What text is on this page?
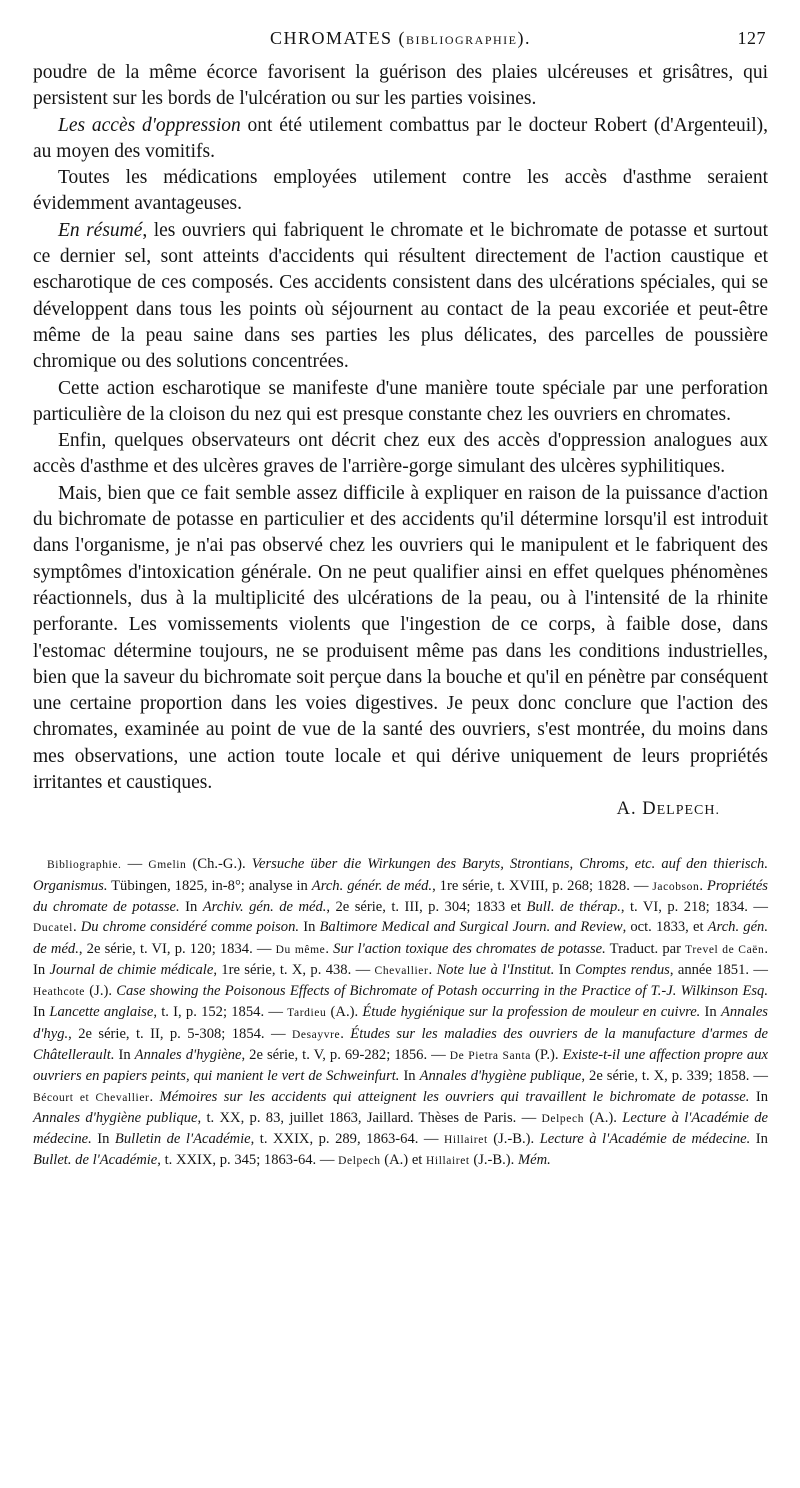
CHROMATES (BIBLIOGRAPHIE).	127

poudre de la même écorce favorisent la guérison des plaies ulcéreuses et grisâtres, qui persistent sur les bords de l'ulcération ou sur les parties voisines.

Les accès d'oppression ont été utilement combattus par le docteur Robert (d'Argenteuil), au moyen des vomitifs.

Toutes les médications employées utilement contre les accès d'asthme seraient évidemment avantageuses.

En résumé, les ouvriers qui fabriquent le chromate et le bichromate de potasse et surtout ce dernier sel, sont atteints d'accidents qui résultent directement de l'action caustique et escharotique de ces composés. Ces accidents consistent dans des ulcérations spéciales, qui se développent dans tous les points où séjournent au contact de la peau excoriée et peut-être même de la peau saine dans ses parties les plus délicates, des parcelles de poussière chromique ou des solutions concentrées.

Cette action escharotique se manifeste d'une manière toute spéciale par une perforation particulière de la cloison du nez qui est presque constante chez les ouvriers en chromates.

Enfin, quelques observateurs ont décrit chez eux des accès d'oppression analogues aux accès d'asthme et des ulcères graves de l'arrière-gorge simulant des ulcères syphilitiques.

Mais, bien que ce fait semble assez difficile à expliquer en raison de la puissance d'action du bichromate de potasse en particulier et des accidents qu'il détermine lorsqu'il est introduit dans l'organisme, je n'ai pas observé chez les ouvriers qui le manipulent et le fabriquent des symptômes d'intoxication générale. On ne peut qualifier ainsi en effet quelques phénomènes réactionnels, dus à la multiplicité des ulcérations de la peau, ou à l'intensité de la rhinite perforante. Les vomissements violents que l'ingestion de ce corps, à faible dose, dans l'estomac détermine toujours, ne se produisent même pas dans les conditions industrielles, bien que la saveur du bichromate soit perçue dans la bouche et qu'il en pénètre par conséquent une certaine proportion dans les voies digestives. Je peux donc conclure que l'action des chromates, examinée au point de vue de la santé des ouvriers, s'est montrée, du moins dans mes observations, une action toute locale et qui dérive uniquement de leurs propriétés irritantes et caustiques.

A. DELPECH.
Bibliographie. — Gmelin (Ch.-G.). Versuche über die Wirkungen des Baryts, Strontians, Chroms, etc. auf den thierisch. Organismus. Tübingen, 1825, in-8°; analyse in Arch. génér. de méd., 1re série, t. XVIII, p. 268; 1828. — Jacobson. Propriétés du chromate de potasse. In Archiv. gén. de méd., 2e série, t. III, p. 304; 1833 et Bull. de thérap., t. VI, p. 218; 1834. — Ducatel. Du chrome considéré comme poison. In Baltimore Medical and Surgical Journ. and Review, oct. 1833, et Arch. gén. de méd., 2e série, t. VI, p. 120; 1834. — Du même. Sur l'action toxique des chromates de potasse. Traduct. par Trevel de Caën. In Journal de chimie médicale, 1re série, t. X, p. 438. — Chevallier. Note lue à l'Institut. In Comptes rendus, année 1851. — Heathcote (J.). Case showing the Poisonous Effects of Bichromate of Potash occurring in the Practice of T.-J. Wilkinson Esq. In Lancette anglaise, t. I, p. 152; 1854. — Tardieu (A.). Étude hygiénique sur la profession de mouleur en cuivre. In Annales d'hyg., 2e série, t. II, p. 5-308; 1854. — Desayvre. Études sur les maladies des ouvriers de la manufacture d'armes de Châtellerault. In Annales d'hygiène, 2e série, t. V, p. 69-282; 1856. — De Pietra Santa (P.). Existe-t-il une affection propre aux ouvriers en papiers peints, qui manient le vert de Schweinfurt. In Annales d'hygiène publique, 2e série, t. X, p. 339; 1858. — Bécourt et Chevallier. Mémoires sur les accidents qui atteignent les ouvriers qui travaillent le bichromate de potasse. In Annales d'hygiène publique, t. XX, p. 83, juillet 1863, Jaillard. Thèses de Paris. — Delpech (A.). Lecture à l'Académie de médecine. In Bulletin de l'Académie, t. XXIX, p. 289, 1863-64. — Hillairet (J.-B.). Lecture à l'Académie de médecine. In Bullet. de l'Académie, t. XXIX, p. 345; 1863-64. — Delpech (A.) et Hillairet (J.-B.). Mém.
